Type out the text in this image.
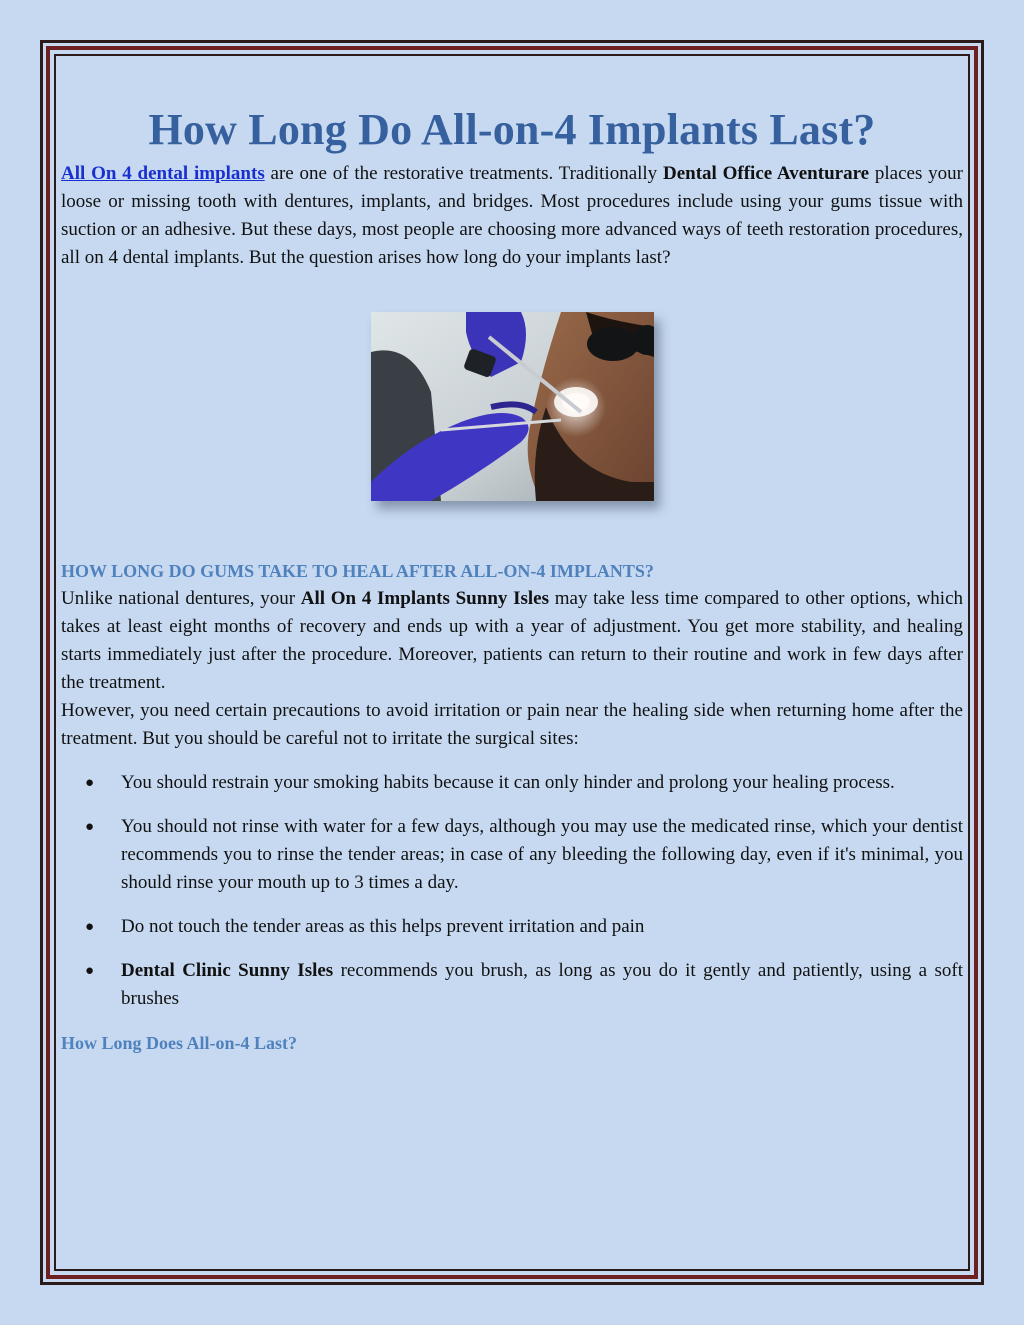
How Long Do All-on-4 Implants Last?

All On 4 dental implants are one of the restorative treatments. Traditionally Dental Office Aventurare places your loose or missing tooth with dentures, implants, and bridges. Most procedures include using your gums tissue with suction or an adhesive. But these days, most people are choosing more advanced ways of teeth restoration procedures, all on 4 dental implants. But the question arises how long do your implants last?

HOW LONG DO GUMS TAKE TO HEAL AFTER ALL-ON-4 IMPLANTS?

Unlike national dentures, your All On 4 Implants Sunny Isles may take less time compared to other options, which takes at least eight months of recovery and ends up with a year of adjustment. You get more stability, and healing starts immediately just after the procedure. Moreover, patients can return to their routine and work in few days after the treatment.

However, you need certain precautions to avoid irritation or pain near the healing side when returning home after the treatment. But you should be careful not to irritate the surgical sites:

● You should restrain your smoking habits because it can only hinder and prolong your healing process.
● You should not rinse with water for a few days, although you may use the medicated rinse, which your dentist recommends you to rinse the tender areas; in case of any bleeding the following day, even if it's minimal, you should rinse your mouth up to 3 times a day.
● Do not touch the tender areas as this helps prevent irritation and pain
● Dental Clinic Sunny Isles recommends you brush, as long as you do it gently and patiently, using a soft brushes
How Long Does All-on-4 Last?
